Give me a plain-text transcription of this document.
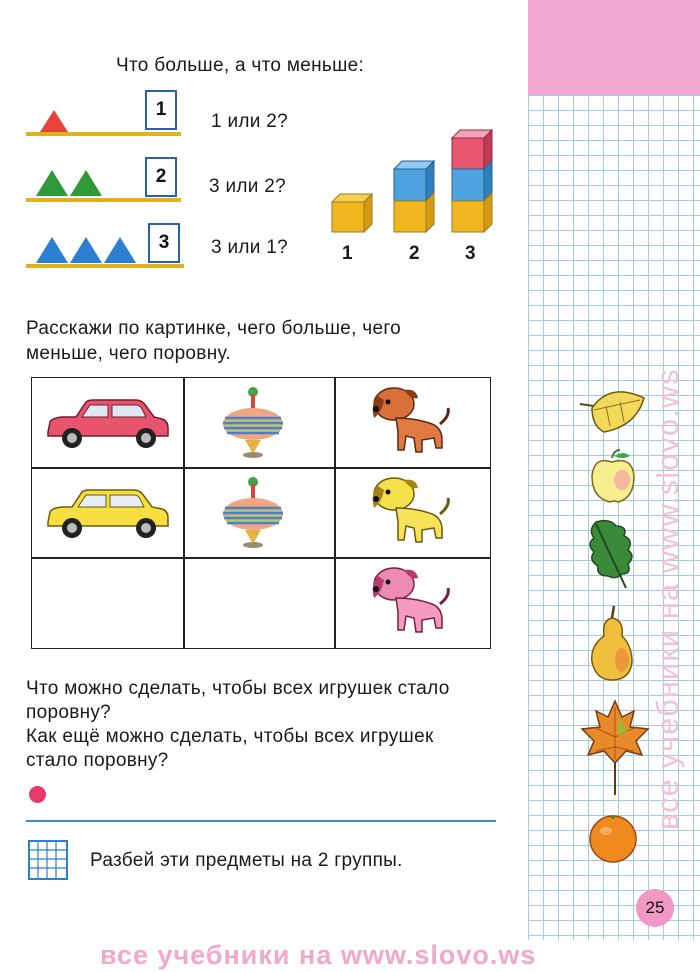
Что больше, а что меньше:
1
1 или 2?
2	3 или 2?
3	3 или 1?	1	2 3
Расскажи по картинке, чего больше, чего
меньше, чего поровну.
Что можно сделать, чтобы всех игрушек стало
поровну?
Как ещё можно сделать, чтобы всех игрушек
стало поровну?
Разбей эти предметы на 2 группы.
все учебники на www.slovo.ws
25
все учебники на www.slovo.ws
